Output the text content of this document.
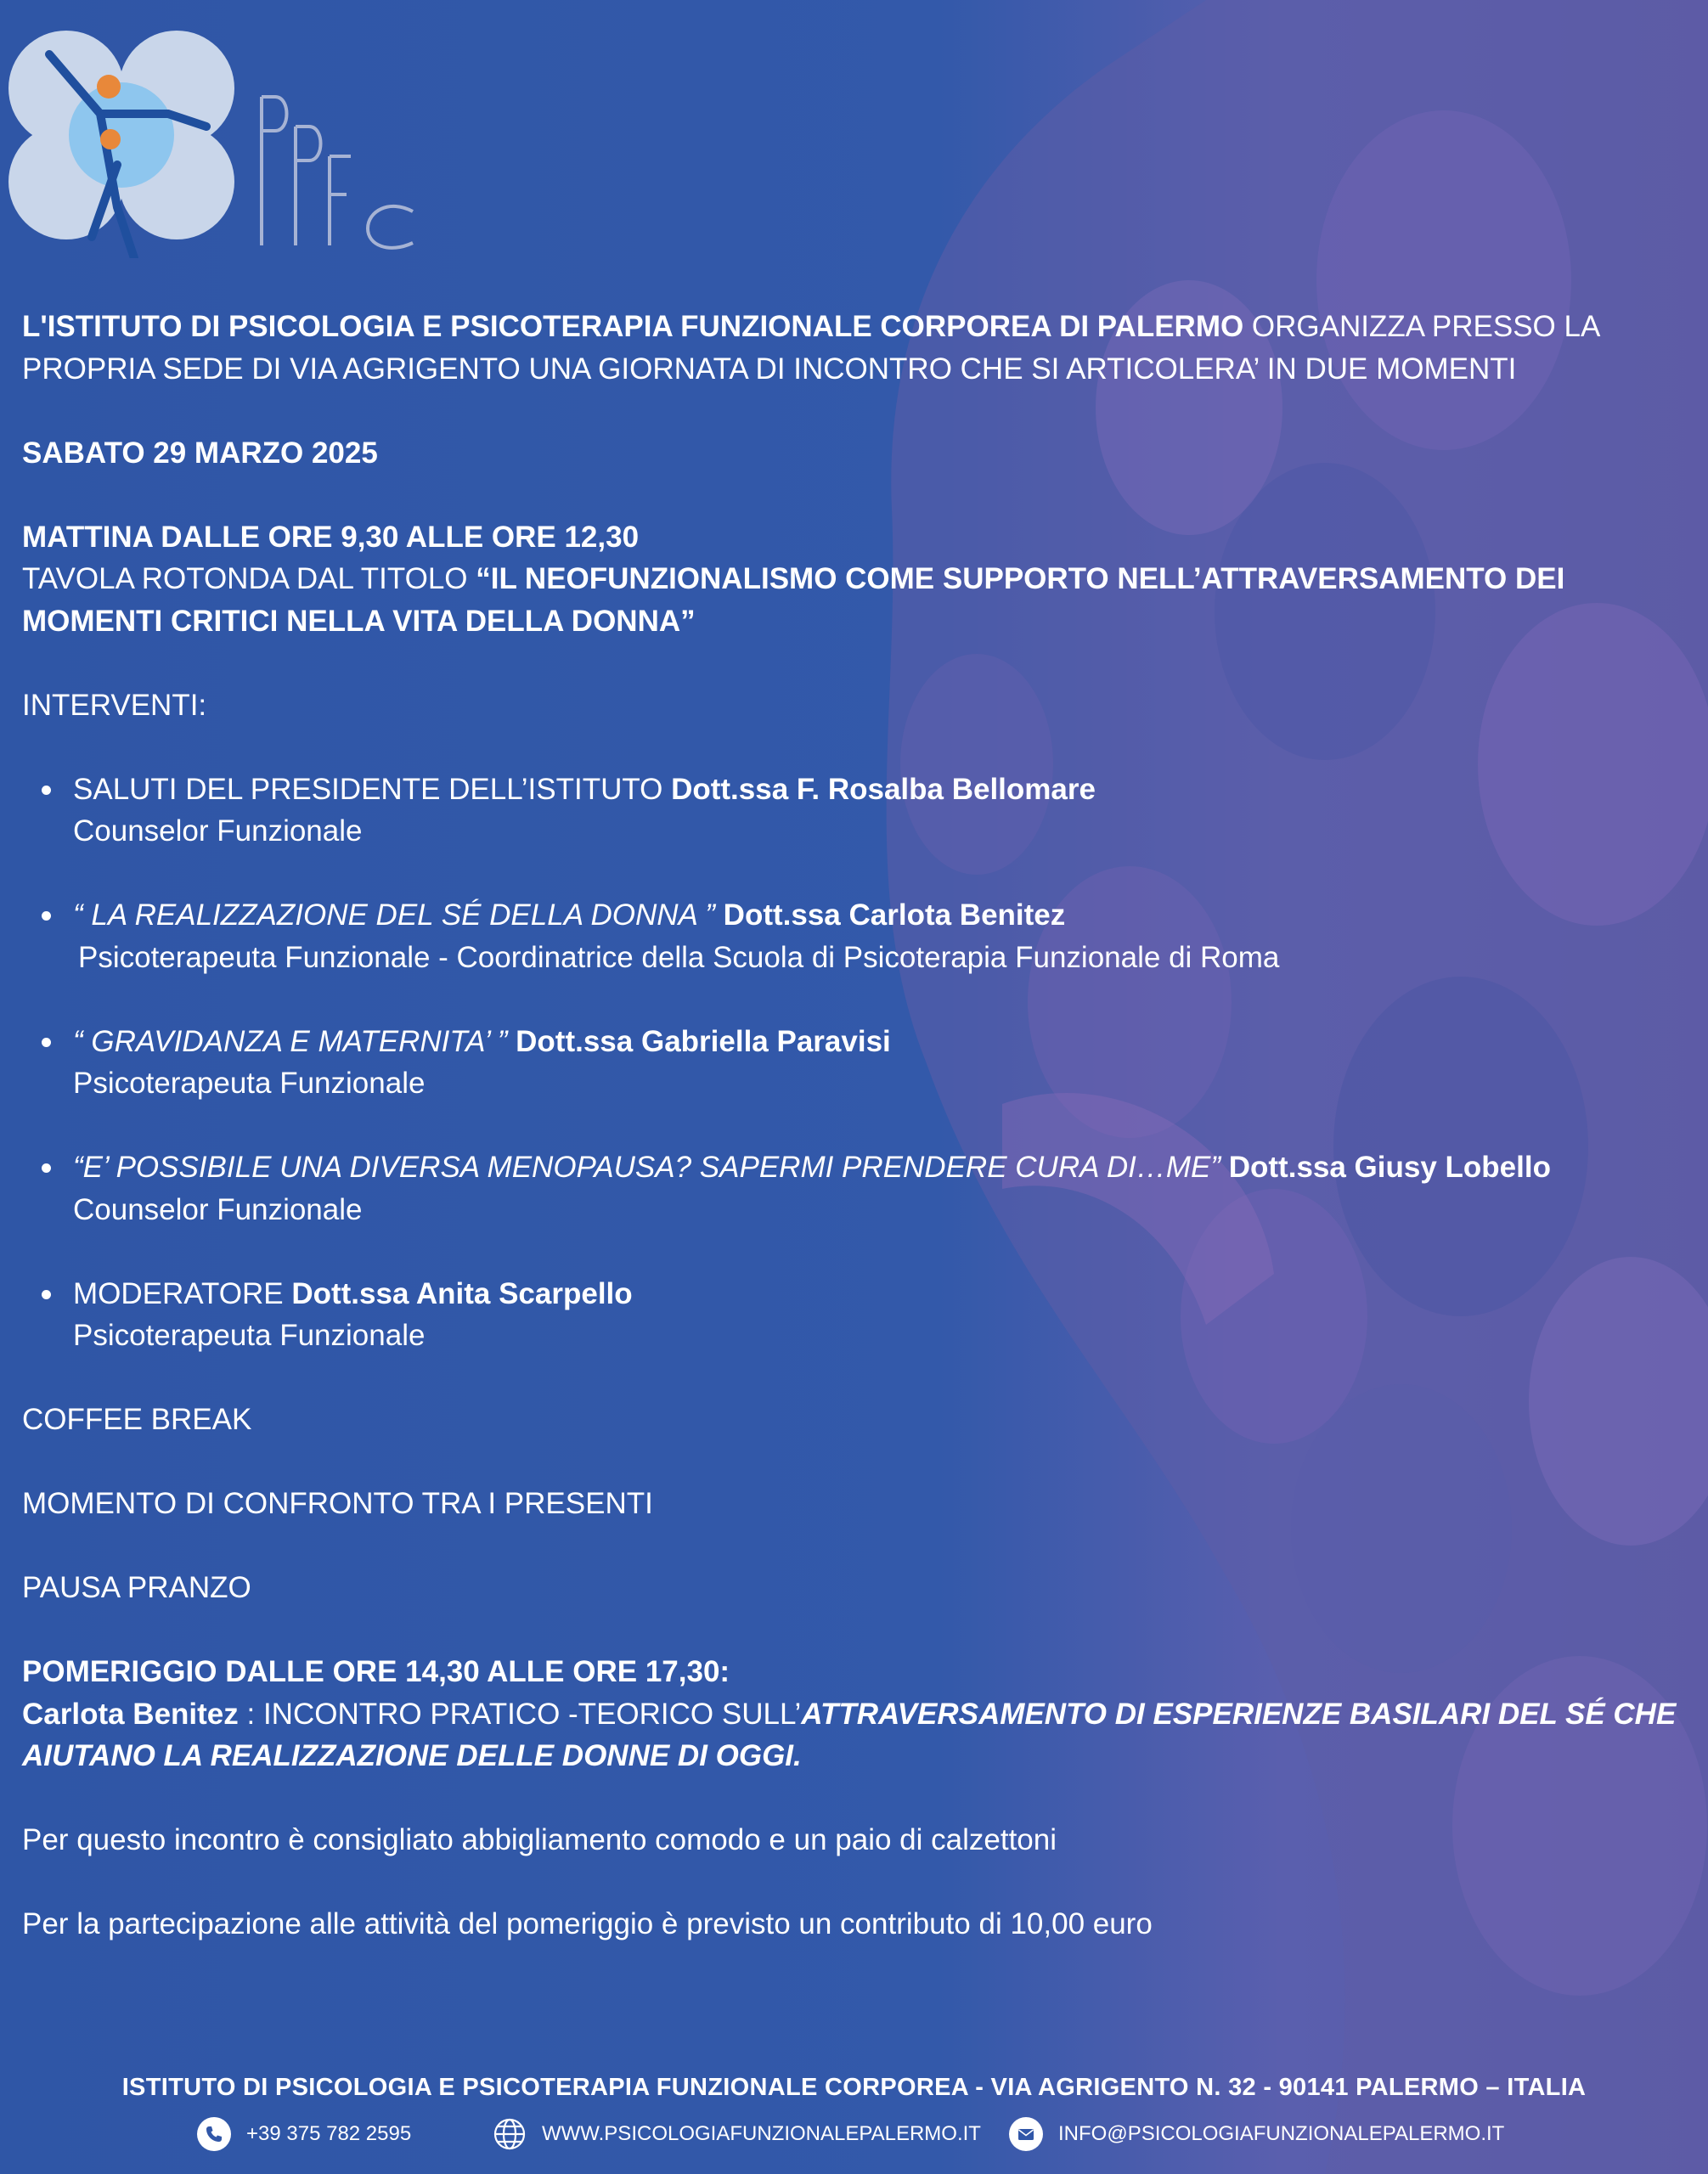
L'ISTITUTO DI PSICOLOGIA E PSICOTERAPIA FUNZIONALE CORPOREA DI PALERMO ORGANIZZA PRESSO LA

PROPRIA SEDE DI VIA AGRIGENTO UNA GIORNATA DI INCONTRO CHE SI ARTICOLERA’ IN DUE MOMENTI

SABATO 29 MARZO 2025

MATTINA DALLE ORE 9,30 ALLE ORE 12,30

TAVOLA ROTONDA DAL TITOLO “IL NEOFUNZIONALISMO COME SUPPORTO NELL’ATTRAVERSAMENTO DEI

MOMENTI CRITICI NELLA VITA DELLA DONNA”

INTERVENTI:

SALUTI DEL PRESIDENTE DELL’ISTITUTO Dott.ssa F. Rosalba Bellomare

Counselor Funzionale

“ LA REALIZZAZIONE DEL SÉ DELLA DONNA ” Dott.ssa Carlota Benitez

Psicoterapeuta Funzionale - Coordinatrice della Scuola di Psicoterapia Funzionale di Roma

“ GRAVIDANZA E MATERNITA’ ” Dott.ssa Gabriella Paravisi

Psicoterapeuta Funzionale

“E’ POSSIBILE UNA DIVERSA MENOPAUSA? SAPERMI PRENDERE CURA DI…ME” Dott.ssa Giusy Lobello

Counselor Funzionale

MODERATORE Dott.ssa Anita Scarpello

Psicoterapeuta Funzionale

COFFEE BREAK

MOMENTO DI CONFRONTO TRA I PRESENTI

PAUSA PRANZO

POMERIGGIO DALLE ORE 14,30 ALLE ORE 17,30:

Carlota Benitez : INCONTRO PRATICO -TEORICO SULL’ATTRAVERSAMENTO DI ESPERIENZE BASILARI DEL SÉ CHE

AIUTANO LA REALIZZAZIONE DELLE DONNE DI OGGI.

Per questo incontro è consigliato abbigliamento comodo e un paio di calzettoni

Per la partecipazione alle attività del pomeriggio è previsto un contributo di 10,00 euro

ISTITUTO DI PSICOLOGIA E PSICOTERAPIA FUNZIONALE CORPOREA - VIA AGRIGENTO N. 32 - 90141 PALERMO – ITALIA
+39 375 782 2595	WWW.PSICOLOGIAFUNZIONALEPALERMO.IT	INFO@PSICOLOGIAFUNZIONALEPALERMO.IT
